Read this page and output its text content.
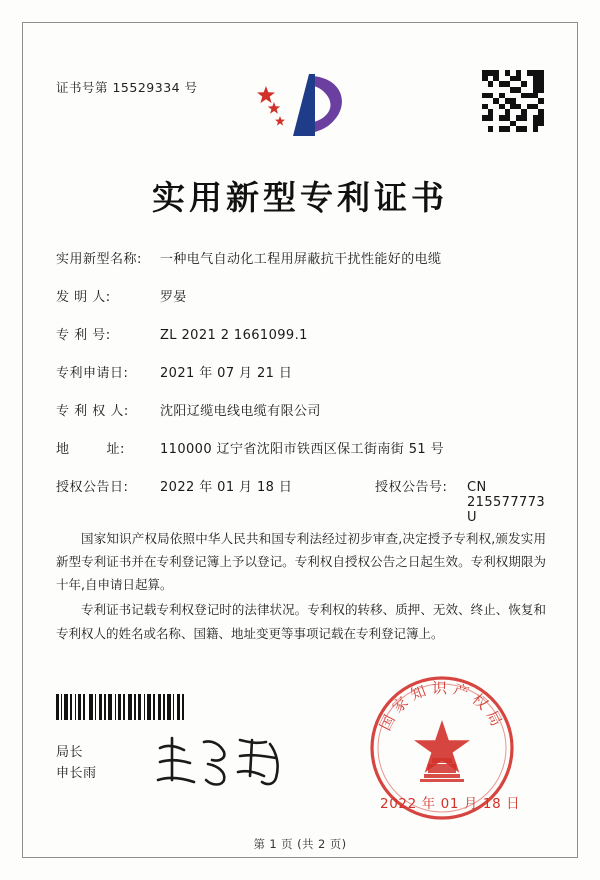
证书号第 15529334 号
实用新型专利证书
实用新型名称:	一种电气自动化工程用屏蔽抗干扰性能好的电缆
发 明 人:	罗晏
专 利 号:	ZL 2021 2 1661099.1
专利申请日:	2021 年 07 月 21 日
专 利 权 人:	沈阳辽缆电线电缆有限公司
地        址:	110000 辽宁省沈阳市铁西区保工街南街 51 号
授权公告日:	2022 年 01 月 18 日	授权公告号:	CN 215577773 U

国家知识产权局依照中华人民共和国专利法经过初步审查,决定授予专利权,颁发实用新型专利证书并在专利登记簿上予以登记。专利权自授权公告之日起生效。专利权期限为十年,自申请日起算。

专利证书记载专利权登记时的法律状况。专利权的转移、质押、无效、终止、恢复和专利权人的姓名或名称、国籍、地址变更等事项记载在专利登记簿上。

局长
申长雨
国家知识产权局
2022 年 01 月 18 日
第 1 页 (共 2 页)
